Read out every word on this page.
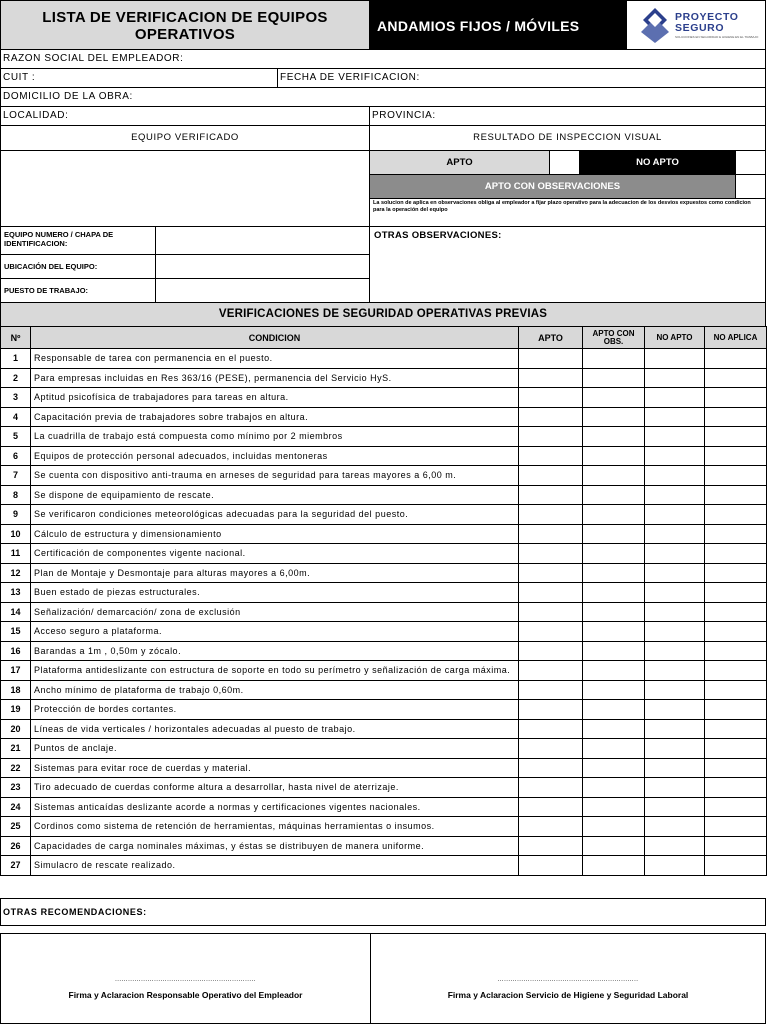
LISTA DE VERIFICACION DE EQUIPOS
OPERATIVOS	ANDAMIOS FIJOS / MÓVILES
PROYECTO
SEGURO
SOLUCIONES EN SEGURIDAD E HIGIENE EN EL TRABAJO
RAZON SOCIAL DEL EMPLEADOR:
CUIT :	FECHA DE VERIFICACION:
DOMICILIO DE LA OBRA:
LOCALIDAD:	PROVINCIA:
EQUIPO VERIFICADO	RESULTADO DE INSPECCION VISUAL
APTO	NO APTO
APTO CON OBSERVACIONES
La solucion de aplica en observaciones obliga al empleador a fijar plazo operativo para la adecuacion de los desvios expuestos como condicion para la operación del equipo
EQUIPO NUMERO / CHAPA DE IDENTIFICACION:
UBICACIÓN DEL EQUIPO:
PUESTO DE TRABAJO:
OTRAS OBSERVACIONES:
VERIFICACIONES DE SEGURIDAD OPERATIVAS PREVIAS
Nº	CONDICION	APTO	APTO CON OBS.	NO APTO	NO APLICA
1	Responsable de tarea con permanencia en el puesto.				
2	Para empresas incluidas en Res 363/16 (PESE), permanencia del Servicio HyS.				
3	Aptitud psicofísica de trabajadores para tareas en altura.				
4	Capacitación previa de trabajadores sobre trabajos en altura.				
5	La cuadrilla de trabajo está compuesta como mínimo por 2 miembros				
6	Equipos de protección personal adecuados, incluidas mentoneras				
7	Se cuenta con dispositivo anti-trauma en arneses de seguridad para tareas mayores a 6,00 m.				
8	Se dispone de equipamiento de rescate.				
9	Se verificaron condiciones meteorológicas adecuadas para la seguridad del puesto.				
10	Cálculo de estructura y dimensionamiento				
11	Certificación de componentes vigente nacional.				
12	Plan de Montaje y Desmontaje para alturas mayores a 6,00m.				
13	Buen estado de piezas estructurales.				
14	Señalización/ demarcación/ zona de exclusión				
15	Acceso seguro a plataforma.				
16	Barandas a 1m , 0,50m y zócalo.				
17	Plataforma antideslizante con estructura de soporte en todo su perímetro y señalización de carga máxima.				
18	Ancho mínimo de plataforma de trabajo 0,60m.				
19	Protección de bordes cortantes.				
20	Líneas de vida verticales / horizontales adecuadas al puesto de trabajo.				
21	Puntos de anclaje.				
22	Sistemas para evitar roce de cuerdas y material.				
23	Tiro adecuado de cuerdas conforme altura a desarrollar, hasta nivel de aterrizaje.				
24	Sistemas anticaídas deslizante acorde a normas y certificaciones vigentes nacionales.				
25	Cordinos como sistema de retención de herramientas, máquinas herramientas o insumos.				
26	Capacidades de carga nominales máximas, y éstas se distribuyen de manera uniforme.				
27	Simulacro de rescate realizado.				
OTRAS RECOMENDACIONES:
.................................................................
Firma y Aclaracion Responsable Operativo del Empleador
.................................................................
Firma y Aclaracion Servicio de Higiene y Seguridad Laboral
